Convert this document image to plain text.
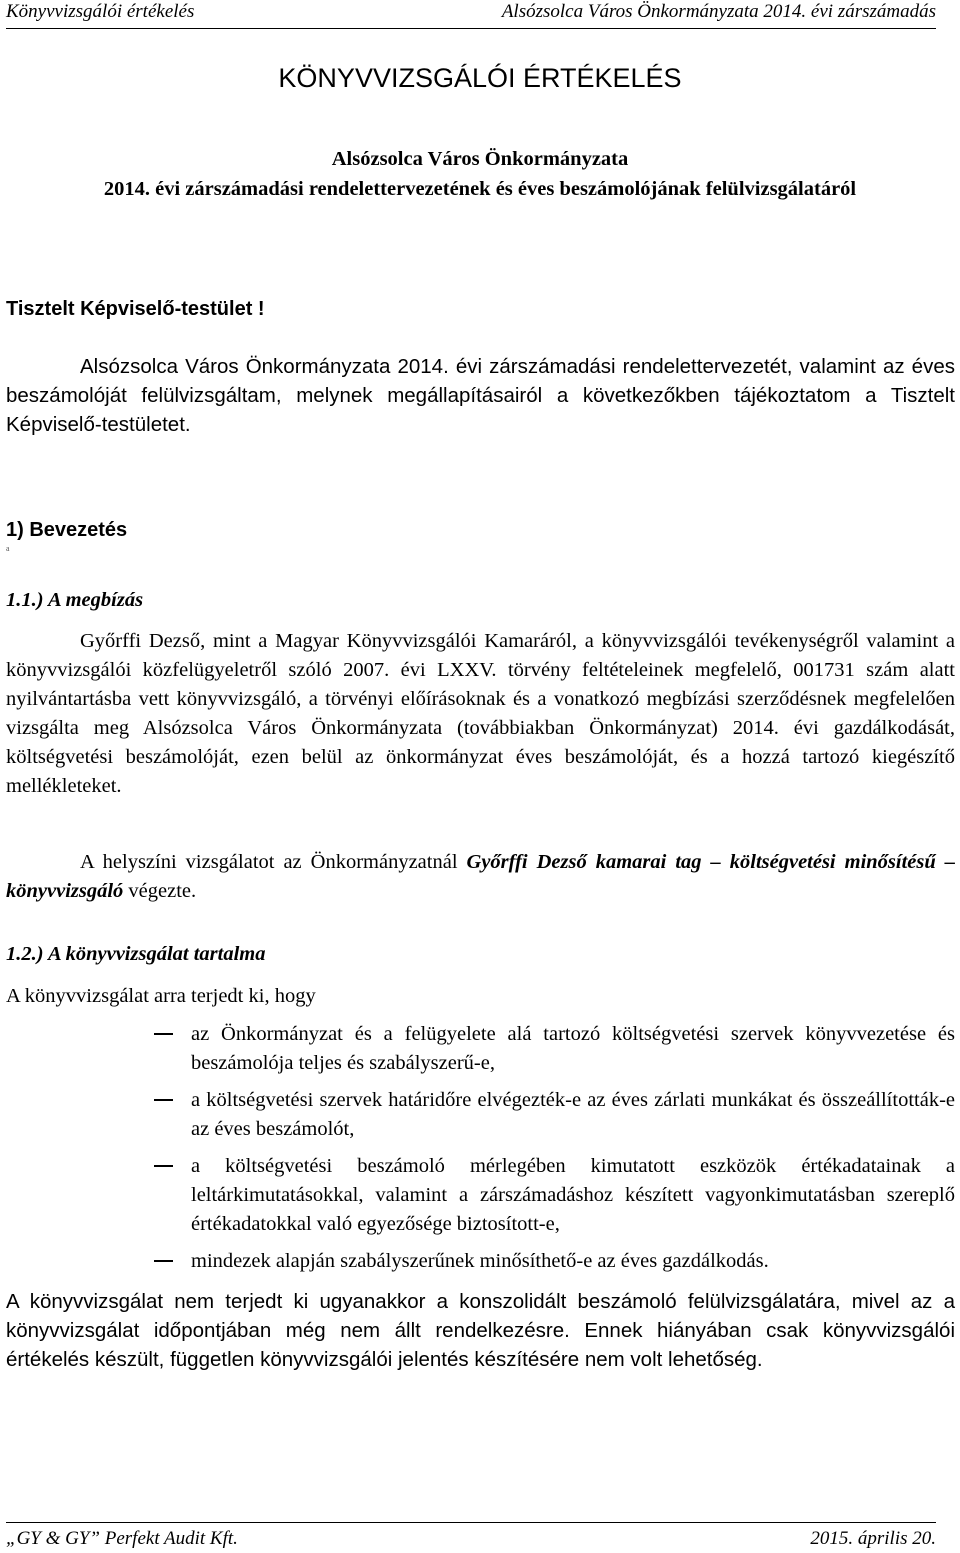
Könyvvizsgálói értékelés	Alsózsolca Város Önkormányzata 2014. évi zárszámadás
KÖNYVVIZSGÁLÓI ÉRTÉKELÉS
Alsózsolca Város Önkormányzata
2014. évi zárszámadási rendelettervezetének és éves beszámolójának felülvizsgálatáról
Tisztelt Képviselő-testület !

Alsózsolca Város Önkormányzata 2014. évi zárszámadási rendelettervezetét, valamint az éves beszámolóját felülvizsgáltam, melynek megállapításairól a következőkben tájékoztatom a Tisztelt Képviselő-testületet.

1) Bevezetés
a
1.1.) A megbízás

Győrffi Dezső, mint a Magyar Könyvvizsgálói Kamaráról, a könyvvizsgálói tevékenységről valamint a könyvvizsgálói közfelügyeletről szóló 2007. évi LXXV. törvény feltételeinek megfelelő, 001731 szám alatt nyilvántartásba vett könyvvizsgáló, a törvényi előírásoknak és a vonatkozó megbízási szerződésnek megfelelően vizsgálta meg Alsózsolca Város Önkormányzata (továbbiakban Önkormányzat) 2014. évi gazdálkodását, költségvetési beszámolóját, ezen belül az önkormányzat éves beszámolóját, és a hozzá tartozó kiegészítő mellékleteket.

A helyszíni vizsgálatot az Önkormányzatnál Győrffi Dezső kamarai tag – költségvetési minősítésű – könyvvizsgáló végezte.

1.2.) A könyvvizsgálat tartalma

A könyvvizsgálat arra terjedt ki, hogy

az Önkormányzat és a felügyelete alá tartozó költségvetési szervek könyvvezetése és beszámolója teljes és szabályszerű-e,
a költségvetési szervek határidőre elvégezték-e az éves zárlati munkákat és összeállították-e az éves beszámolót,
a költségvetési beszámoló mérlegében kimutatott eszközök értékadatainak a leltárkimutatásokkal, valamint a zárszámadáshoz készített vagyonkimutatásban szereplő értékadatokkal való egyezősége biztosított-e,
mindezek alapján szabályszerűnek minősíthető-e az éves gazdálkodás.

A könyvvizsgálat nem terjedt ki ugyanakkor a konszolidált beszámoló felülvizsgálatára, mivel az a könyvvizsgálat időpontjában még nem állt rendelkezésre. Ennek hiányában csak könyvvizsgálói értékelés készült, független könyvvizsgálói jelentés készítésére nem volt lehetőség.

„GY & GY” Perfekt Audit Kft.	2015. április 20.
